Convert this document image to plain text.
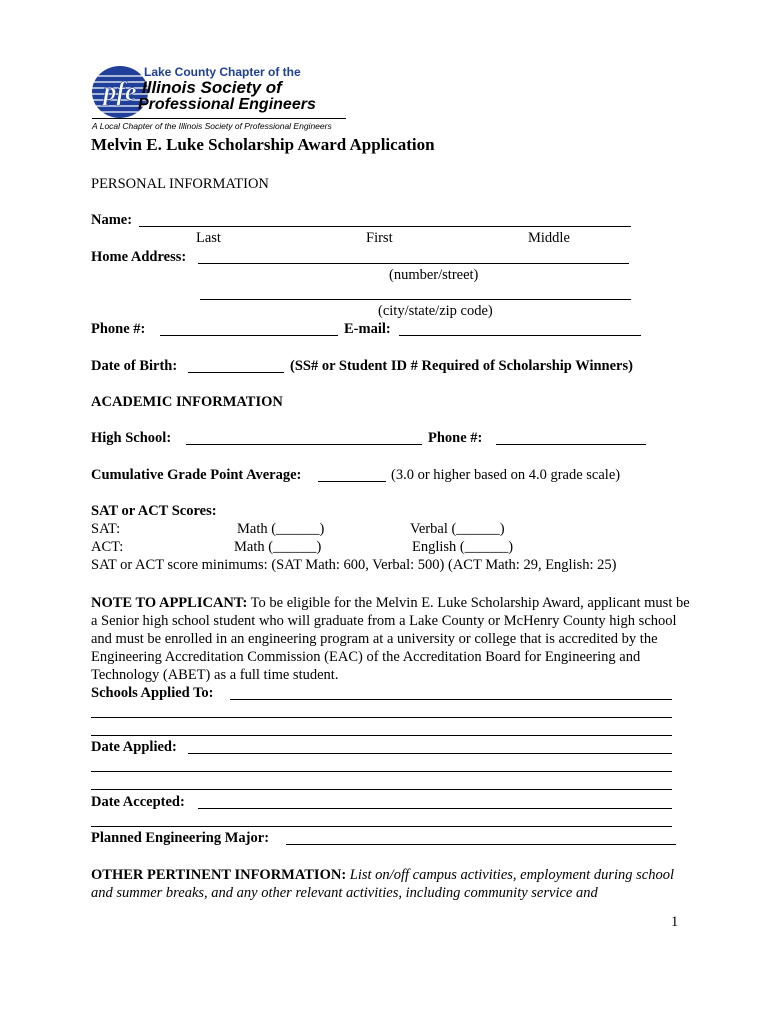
pfe
Lake County Chapter of the
Illinois Society of
Professional Engineers
A Local Chapter of the Illinois Society of Professional Engineers
Melvin E. Luke Scholarship Award Application
PERSONAL INFORMATION
Name:
Last	First	Middle
Home Address:
(number/street)
(city/state/zip code)
Phone #:	E-mail:
Date of Birth:	(SS# or Student ID # Required of Scholarship Winners)
ACADEMIC INFORMATION
High School:	Phone #:
Cumulative Grade Point Average:	(3.0 or higher based on 4.0 grade scale)
SAT or ACT Scores:
SAT:	Math (______)	Verbal (______)
ACT:	Math (______)	English (______)
SAT or ACT score minimums: (SAT Math: 600, Verbal: 500) (ACT Math: 29, English: 25)
NOTE TO APPLICANT: To be eligible for the Melvin E. Luke Scholarship Award, applicant must be a Senior high school student who will graduate from a Lake County or McHenry County high school and must be enrolled in an engineering program at a university or college that is accredited by the Engineering Accreditation Commission (EAC) of the Accreditation Board for Engineering and Technology (ABET) as a full time student.
Schools Applied To:
Date Applied:
Date Accepted:
Planned Engineering Major:
OTHER PERTINENT INFORMATION: List on/off campus activities, employment during school and summer breaks, and any other relevant activities, including community service and
1
